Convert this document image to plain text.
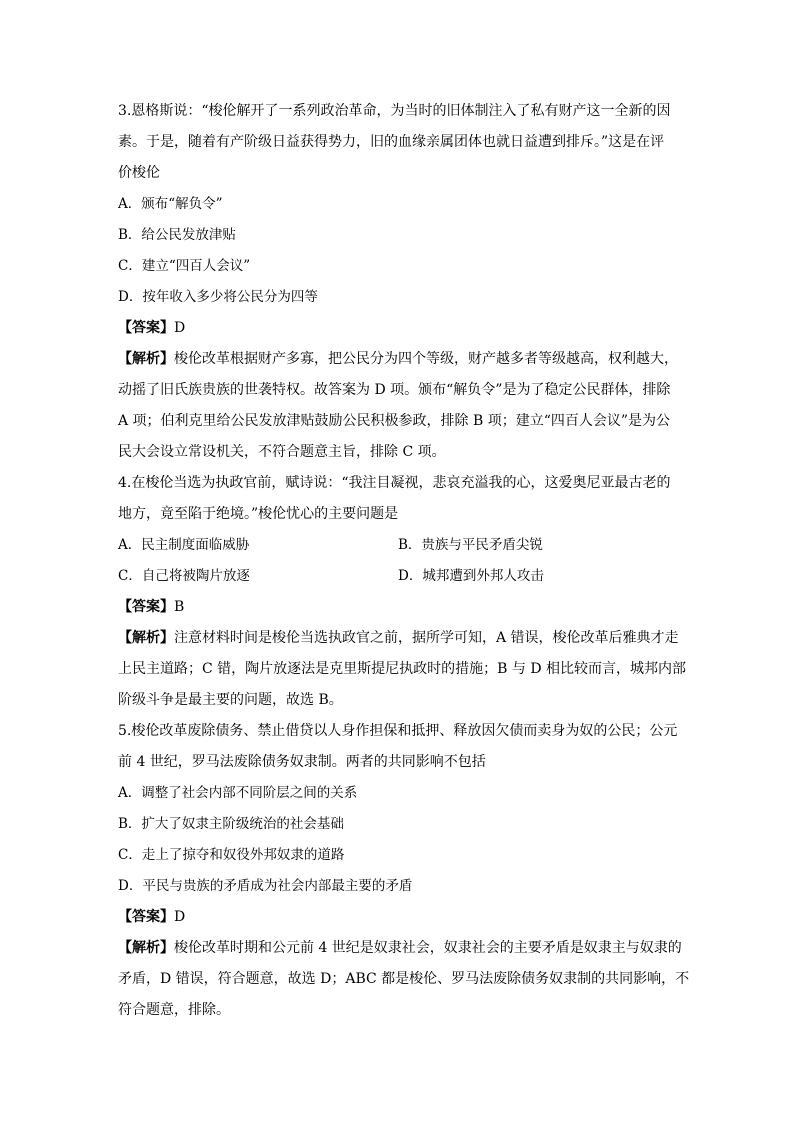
3.恩格斯说：“梭伦解开了一系列政治革命，为当时的旧体制注入了私有财产这一全新的因
素。于是，随着有产阶级日益获得势力，旧的血缘亲属团体也就日益遭到排斥。”这是在评
价梭伦
A．颁布“解负令”
B．给公民发放津贴
C．建立“四百人会议”
D．按年收入多少将公民分为四等
【答案】D
【解析】梭伦改革根据财产多寡，把公民分为四个等级，财产越多者等级越高，权利越大，
动摇了旧氏族贵族的世袭特权。故答案为 D 项。颁布“解负令”是为了稳定公民群体，排除
A 项；伯利克里给公民发放津贴鼓励公民积极参政，排除 B 项；建立“四百人会议”是为公
民大会设立常设机关，不符合题意主旨，排除 C 项。
4.在梭伦当选为执政官前，赋诗说：“我注目凝视，悲哀充溢我的心，这爱奥尼亚最古老的
地方，竟至陷于绝境。”梭伦忧心的主要问题是
A．民主制度面临威胁	B．贵族与平民矛盾尖锐
C．自己将被陶片放逐	D．城邦遭到外邦人攻击
【答案】B
【解析】注意材料时间是梭伦当选执政官之前，据所学可知，A 错误，梭伦改革后雅典才走
上民主道路；C 错，陶片放逐法是克里斯提尼执政时的措施；B 与 D 相比较而言，城邦内部
阶级斗争是最主要的问题，故选 B。
5.梭伦改革废除债务、禁止借贷以人身作担保和抵押、释放因欠债而卖身为奴的公民；公元
前 4 世纪，罗马法废除债务奴隶制。两者的共同影响不包括
A．调整了社会内部不同阶层之间的关系
B．扩大了奴隶主阶级统治的社会基础
C．走上了掠夺和奴役外邦奴隶的道路
D．平民与贵族的矛盾成为社会内部最主要的矛盾
【答案】D
【解析】梭伦改革时期和公元前 4 世纪是奴隶社会，奴隶社会的主要矛盾是奴隶主与奴隶的
矛盾，D 错误，符合题意，故选 D；ABC 都是梭伦、罗马法废除债务奴隶制的共同影响，不
符合题意，排除。
